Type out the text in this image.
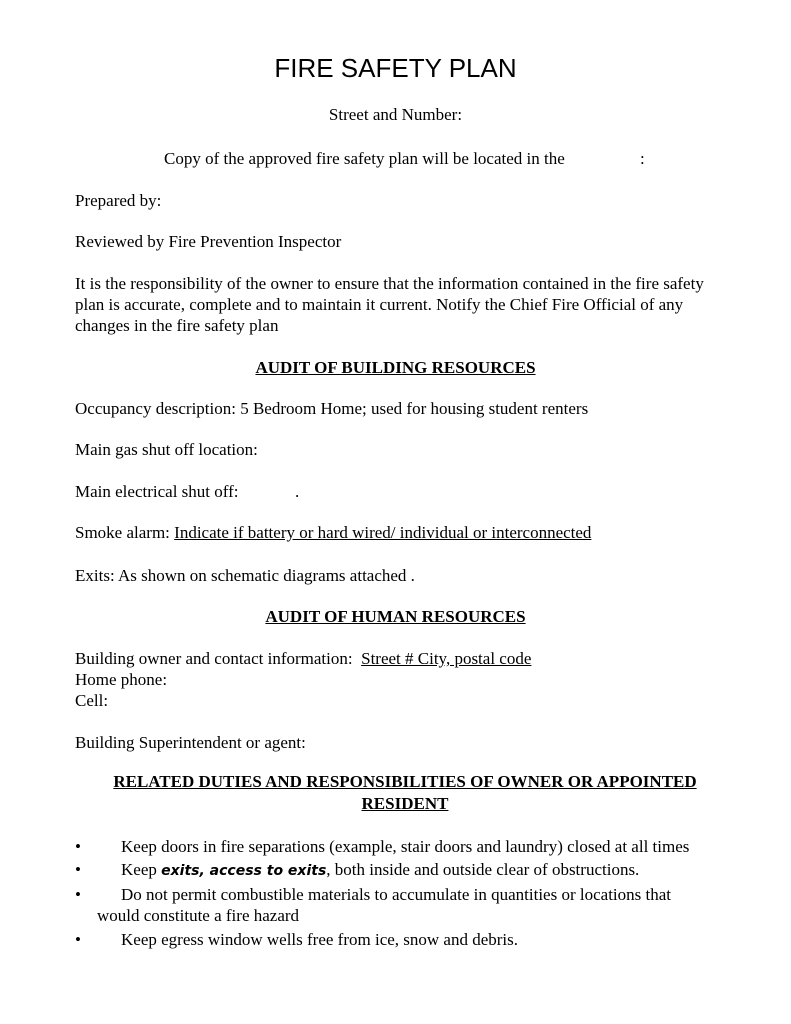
FIRE SAFETY PLAN
Street and Number:
Copy of the approved fire safety plan will be located in the	:
Prepared by:
Reviewed by Fire Prevention Inspector
It is the responsibility of the owner to ensure that the information contained in the fire safety plan is accurate, complete and to maintain it current. Notify the Chief Fire Official of any changes in the fire safety plan
AUDIT OF BUILDING RESOURCES
Occupancy description: 5 Bedroom Home; used for housing student renters
Main gas shut off location:
Main electrical shut off:	.
Smoke alarm: Indicate if battery or hard wired/ individual or interconnected
Exits: As shown on schematic diagrams attached .
AUDIT OF HUMAN RESOURCES
Building owner and contact information:  Street # City, postal code
Home phone:
Cell:
Building Superintendent or agent:
RELATED DUTIES AND RESPONSIBILITIES OF OWNER OR APPOINTED RESIDENT
•	Keep doors in fire separations (example, stair doors and laundry) closed at all times
•	Keep exits, access to exits, both inside and outside clear of obstructions.
•	Do not permit combustible materials to accumulate in quantities or locations that would constitute a fire hazard
•	Keep egress window wells free from ice, snow and debris.
